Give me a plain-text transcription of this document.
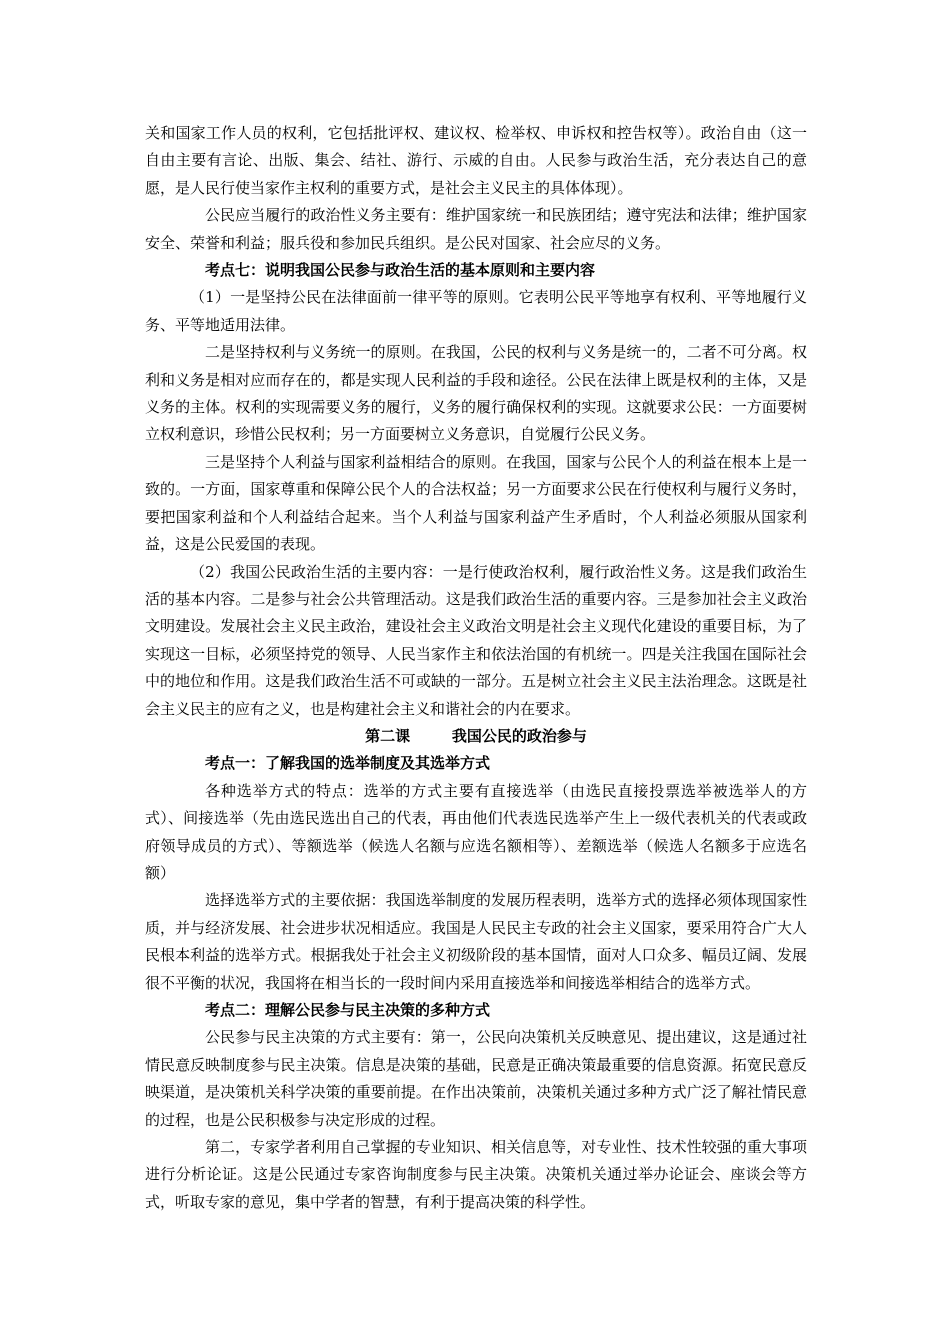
关和国家工作人员的权利，它包括批评权、建议权、检举权、申诉权和控告权等）。政治自由（这一自由主要有言论、出版、集会、结社、游行、示威的自由。人民参与政治生活，充分表达自己的意愿，是人民行使当家作主权利的重要方式，是社会主义民主的具体体现）。

公民应当履行的政治性义务主要有：维护国家统一和民族团结；遵守宪法和法律；维护国家安全、荣誉和利益；服兵役和参加民兵组织。是公民对国家、社会应尽的义务。

考点七：说明我国公民参与政治生活的基本原则和主要内容

（1）一是坚持公民在法律面前一律平等的原则。它表明公民平等地享有权利、平等地履行义务、平等地适用法律。

二是坚持权利与义务统一的原则。在我国，公民的权利与义务是统一的，二者不可分离。权利和义务是相对应而存在的，都是实现人民利益的手段和途径。公民在法律上既是权利的主体，又是义务的主体。权利的实现需要义务的履行，义务的履行确保权利的实现。这就要求公民：一方面要树立权利意识，珍惜公民权利；另一方面要树立义务意识，自觉履行公民义务。

三是坚持个人利益与国家利益相结合的原则。在我国，国家与公民个人的利益在根本上是一致的。一方面，国家尊重和保障公民个人的合法权益；另一方面要求公民在行使权利与履行义务时，要把国家利益和个人利益结合起来。当个人利益与国家利益产生矛盾时，个人利益必须服从国家利益，这是公民爱国的表现。

（2）我国公民政治生活的主要内容：一是行使政治权利，履行政治性义务。这是我们政治生活的基本内容。二是参与社会公共管理活动。这是我们政治生活的重要内容。三是参加社会主义政治文明建设。发展社会主义民主政治，建设社会主义政治文明是社会主义现代化建设的重要目标，为了实现这一目标，必须坚持党的领导、人民当家作主和依法治国的有机统一。四是关注我国在国际社会中的地位和作用。这是我们政治生活不可或缺的一部分。五是树立社会主义民主法治理念。这既是社会主义民主的应有之义，也是构建社会主义和谐社会的内在要求。

第二课        我国公民的政治参与

考点一：了解我国的选举制度及其选举方式

各种选举方式的特点：选举的方式主要有直接选举（由选民直接投票选举被选举人的方式）、间接选举（先由选民选出自己的代表，再由他们代表选民选举产生上一级代表机关的代表或政府领导成员的方式）、等额选举（候选人名额与应选名额相等）、差额选举（候选人名额多于应选名额）

选择选举方式的主要依据：我国选举制度的发展历程表明，选举方式的选择必须体现国家性质，并与经济发展、社会进步状况相适应。我国是人民民主专政的社会主义国家，要采用符合广大人民根本利益的选举方式。根据我处于社会主义初级阶段的基本国情，面对人口众多、幅员辽阔、发展很不平衡的状况，我国将在相当长的一段时间内采用直接选举和间接选举相结合的选举方式。

考点二：理解公民参与民主决策的多种方式

公民参与民主决策的方式主要有：第一，公民向决策机关反映意见、提出建议，这是通过社情民意反映制度参与民主决策。信息是决策的基础，民意是正确决策最重要的信息资源。拓宽民意反映渠道，是决策机关科学决策的重要前提。在作出决策前，决策机关通过多种方式广泛了解社情民意的过程，也是公民积极参与决定形成的过程。

第二，专家学者利用自己掌握的专业知识、相关信息等，对专业性、技术性较强的重大事项进行分析论证。这是公民通过专家咨询制度参与民主决策。决策机关通过举办论证会、座谈会等方式，听取专家的意见，集中学者的智慧，有利于提高决策的科学性。
